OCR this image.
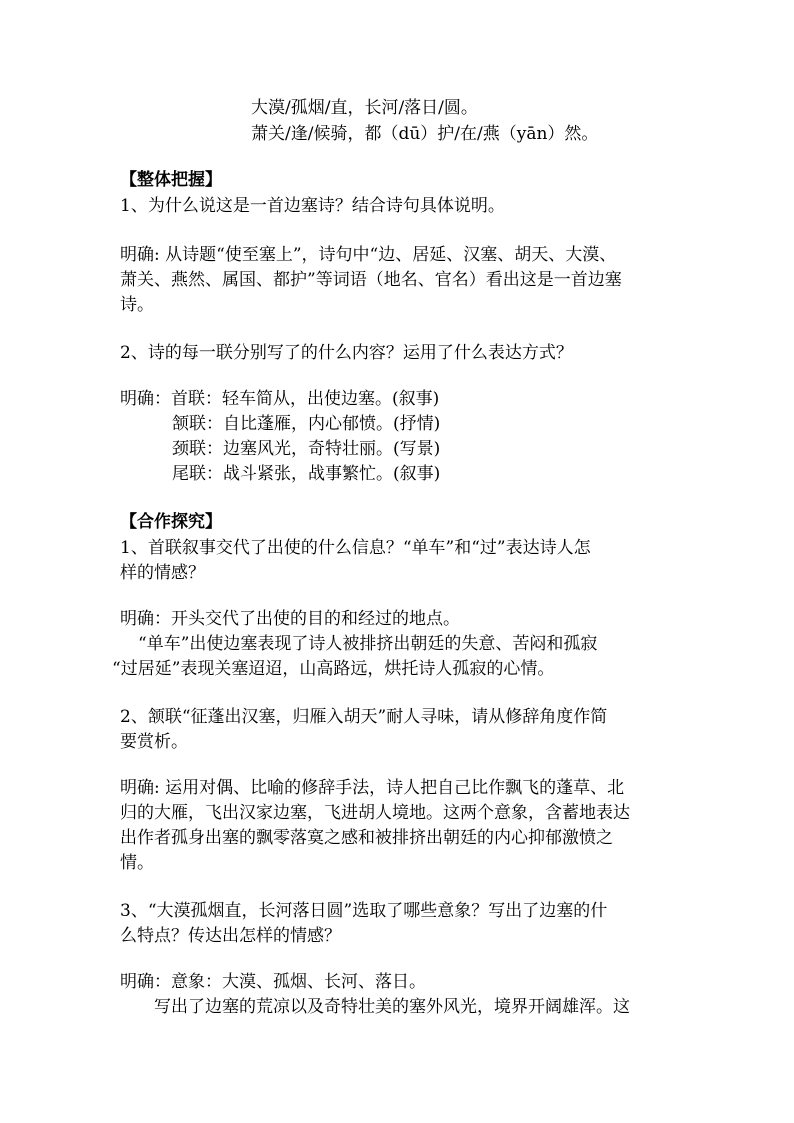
大漠/孤烟/直，长河/落日/圆。

萧关/逢/候骑，都（dū）护/在/燕（yān）然。

【整体把握】

1、为什么说这是一首边塞诗？结合诗句具体说明。

明确: 从诗题“使至塞上”，诗句中“边、居延、汉塞、胡天、大漠、

萧关、燕然、属国、都护”等词语（地名、官名）看出这是一首边塞

诗。

2、诗的每一联分别写了的什么内容？运用了什么表达方式？

明确：首联：轻车简从，出使边塞。(叙事)

颔联：自比蓬雁，内心郁愤。(抒情)

颈联：边塞风光，奇特壮丽。(写景)

尾联：战斗紧张，战事繁忙。(叙事)

【合作探究】

1、首联叙事交代了出使的什么信息？“单车”和“过”表达诗人怎

样的情感？

明确：开头交代了出使的目的和经过的地点。

“单车”出使边塞表现了诗人被排挤出朝廷的失意、苦闷和孤寂

“过居延”表现关塞迢迢，山高路远，烘托诗人孤寂的心情。

2、颔联“征蓬出汉塞，归雁入胡天”耐人寻味，请从修辞角度作简

要赏析。

明确: 运用对偶、比喻的修辞手法，诗人把自己比作飘飞的蓬草、北

归的大雁，飞出汉家边塞，飞进胡人境地。这两个意象，含蓄地表达

出作者孤身出塞的飘零落寞之感和被排挤出朝廷的内心抑郁激愤之

情。

3、“大漠孤烟直，长河落日圆”选取了哪些意象？写出了边塞的什

么特点？传达出怎样的情感？

明确：意象：大漠、孤烟、长河、落日。

写出了边塞的荒凉以及奇特壮美的塞外风光，境界开阔雄浑。这
